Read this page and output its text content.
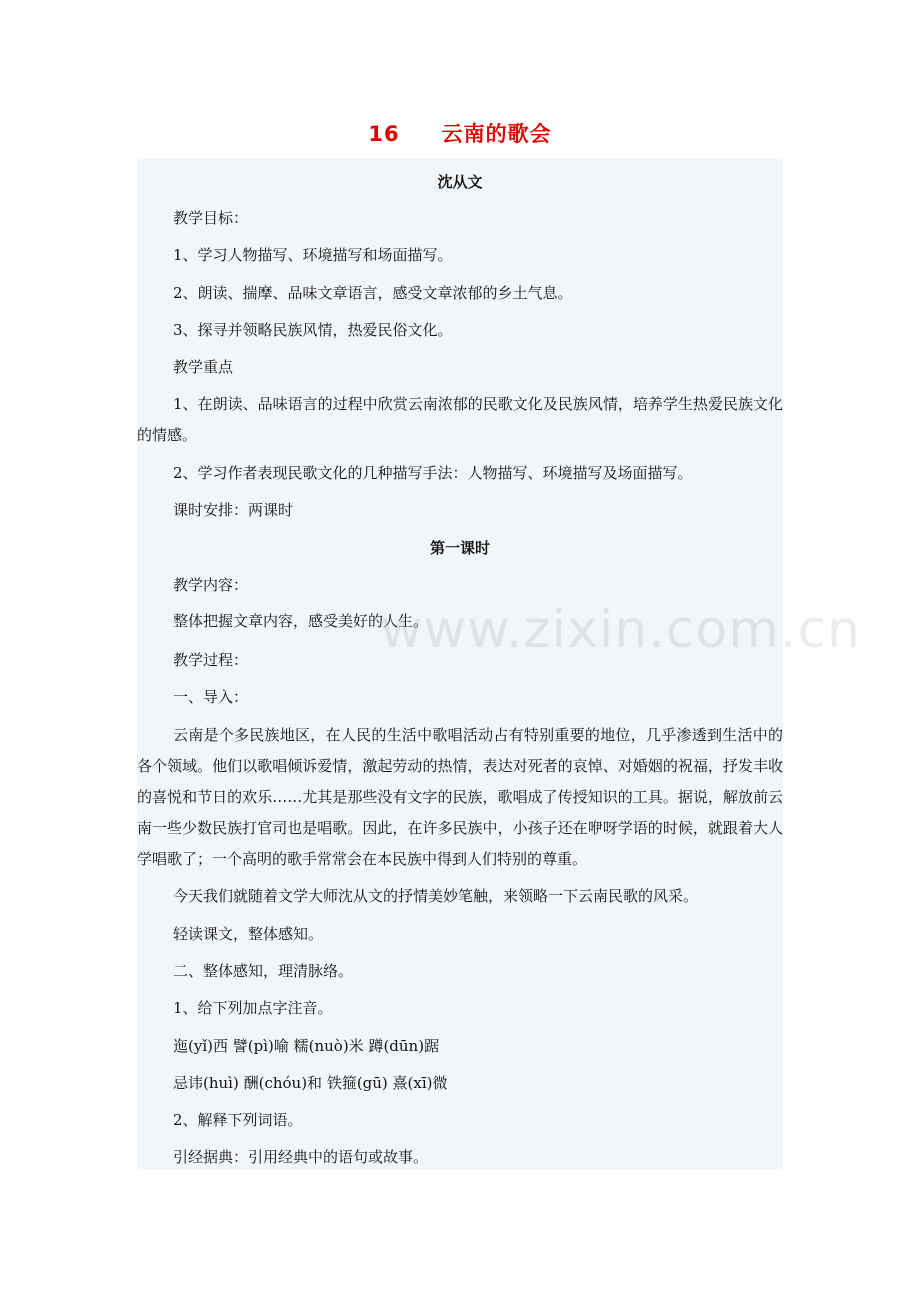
16 云南的歌会
沈从文
教学目标：
1、学习人物描写、环境描写和场面描写。
2、朗读、揣摩、品味文章语言，感受文章浓郁的乡土气息。
3、探寻并领略民族风情，热爱民俗文化。
教学重点
1、在朗读、品味语言的过程中欣赏云南浓郁的民歌文化及民族风情，培养学生热爱民族文化的情感。
2、学习作者表现民歌文化的几种描写手法：人物描写、环境描写及场面描写。
课时安排：两课时
第一课时
教学内容：
整体把握文章内容，感受美好的人生。
教学过程：
一、导入：
云南是个多民族地区，在人民的生活中歌唱活动占有特别重要的地位，几乎渗透到生活中的各个领域。他们以歌唱倾诉爱情，激起劳动的热情，表达对死者的哀悼、对婚姻的祝福，抒发丰收的喜悦和节日的欢乐……尤其是那些没有文字的民族，歌唱成了传授知识的工具。据说，解放前云南一些少数民族打官司也是唱歌。因此，在许多民族中，小孩子还在咿呀学语的时候，就跟着大人学唱歌了；一个高明的歌手常常会在本民族中得到人们特别的尊重。
今天我们就随着文学大师沈从文的抒情美妙笔触，来领略一下云南民歌的风采。
轻读课文，整体感知。
二、整体感知，理清脉络。
1、给下列加点字注音。
迤(yǐ)西 譬(pì)喻 糯(nuò)米 蹲(dūn)踞
忌讳(huì) 酬(chóu)和 铁箍(gū) 熹(xī)微
2、解释下列词语。
引经据典：引用经典中的语句或故事。
www.zixin.com.cn
